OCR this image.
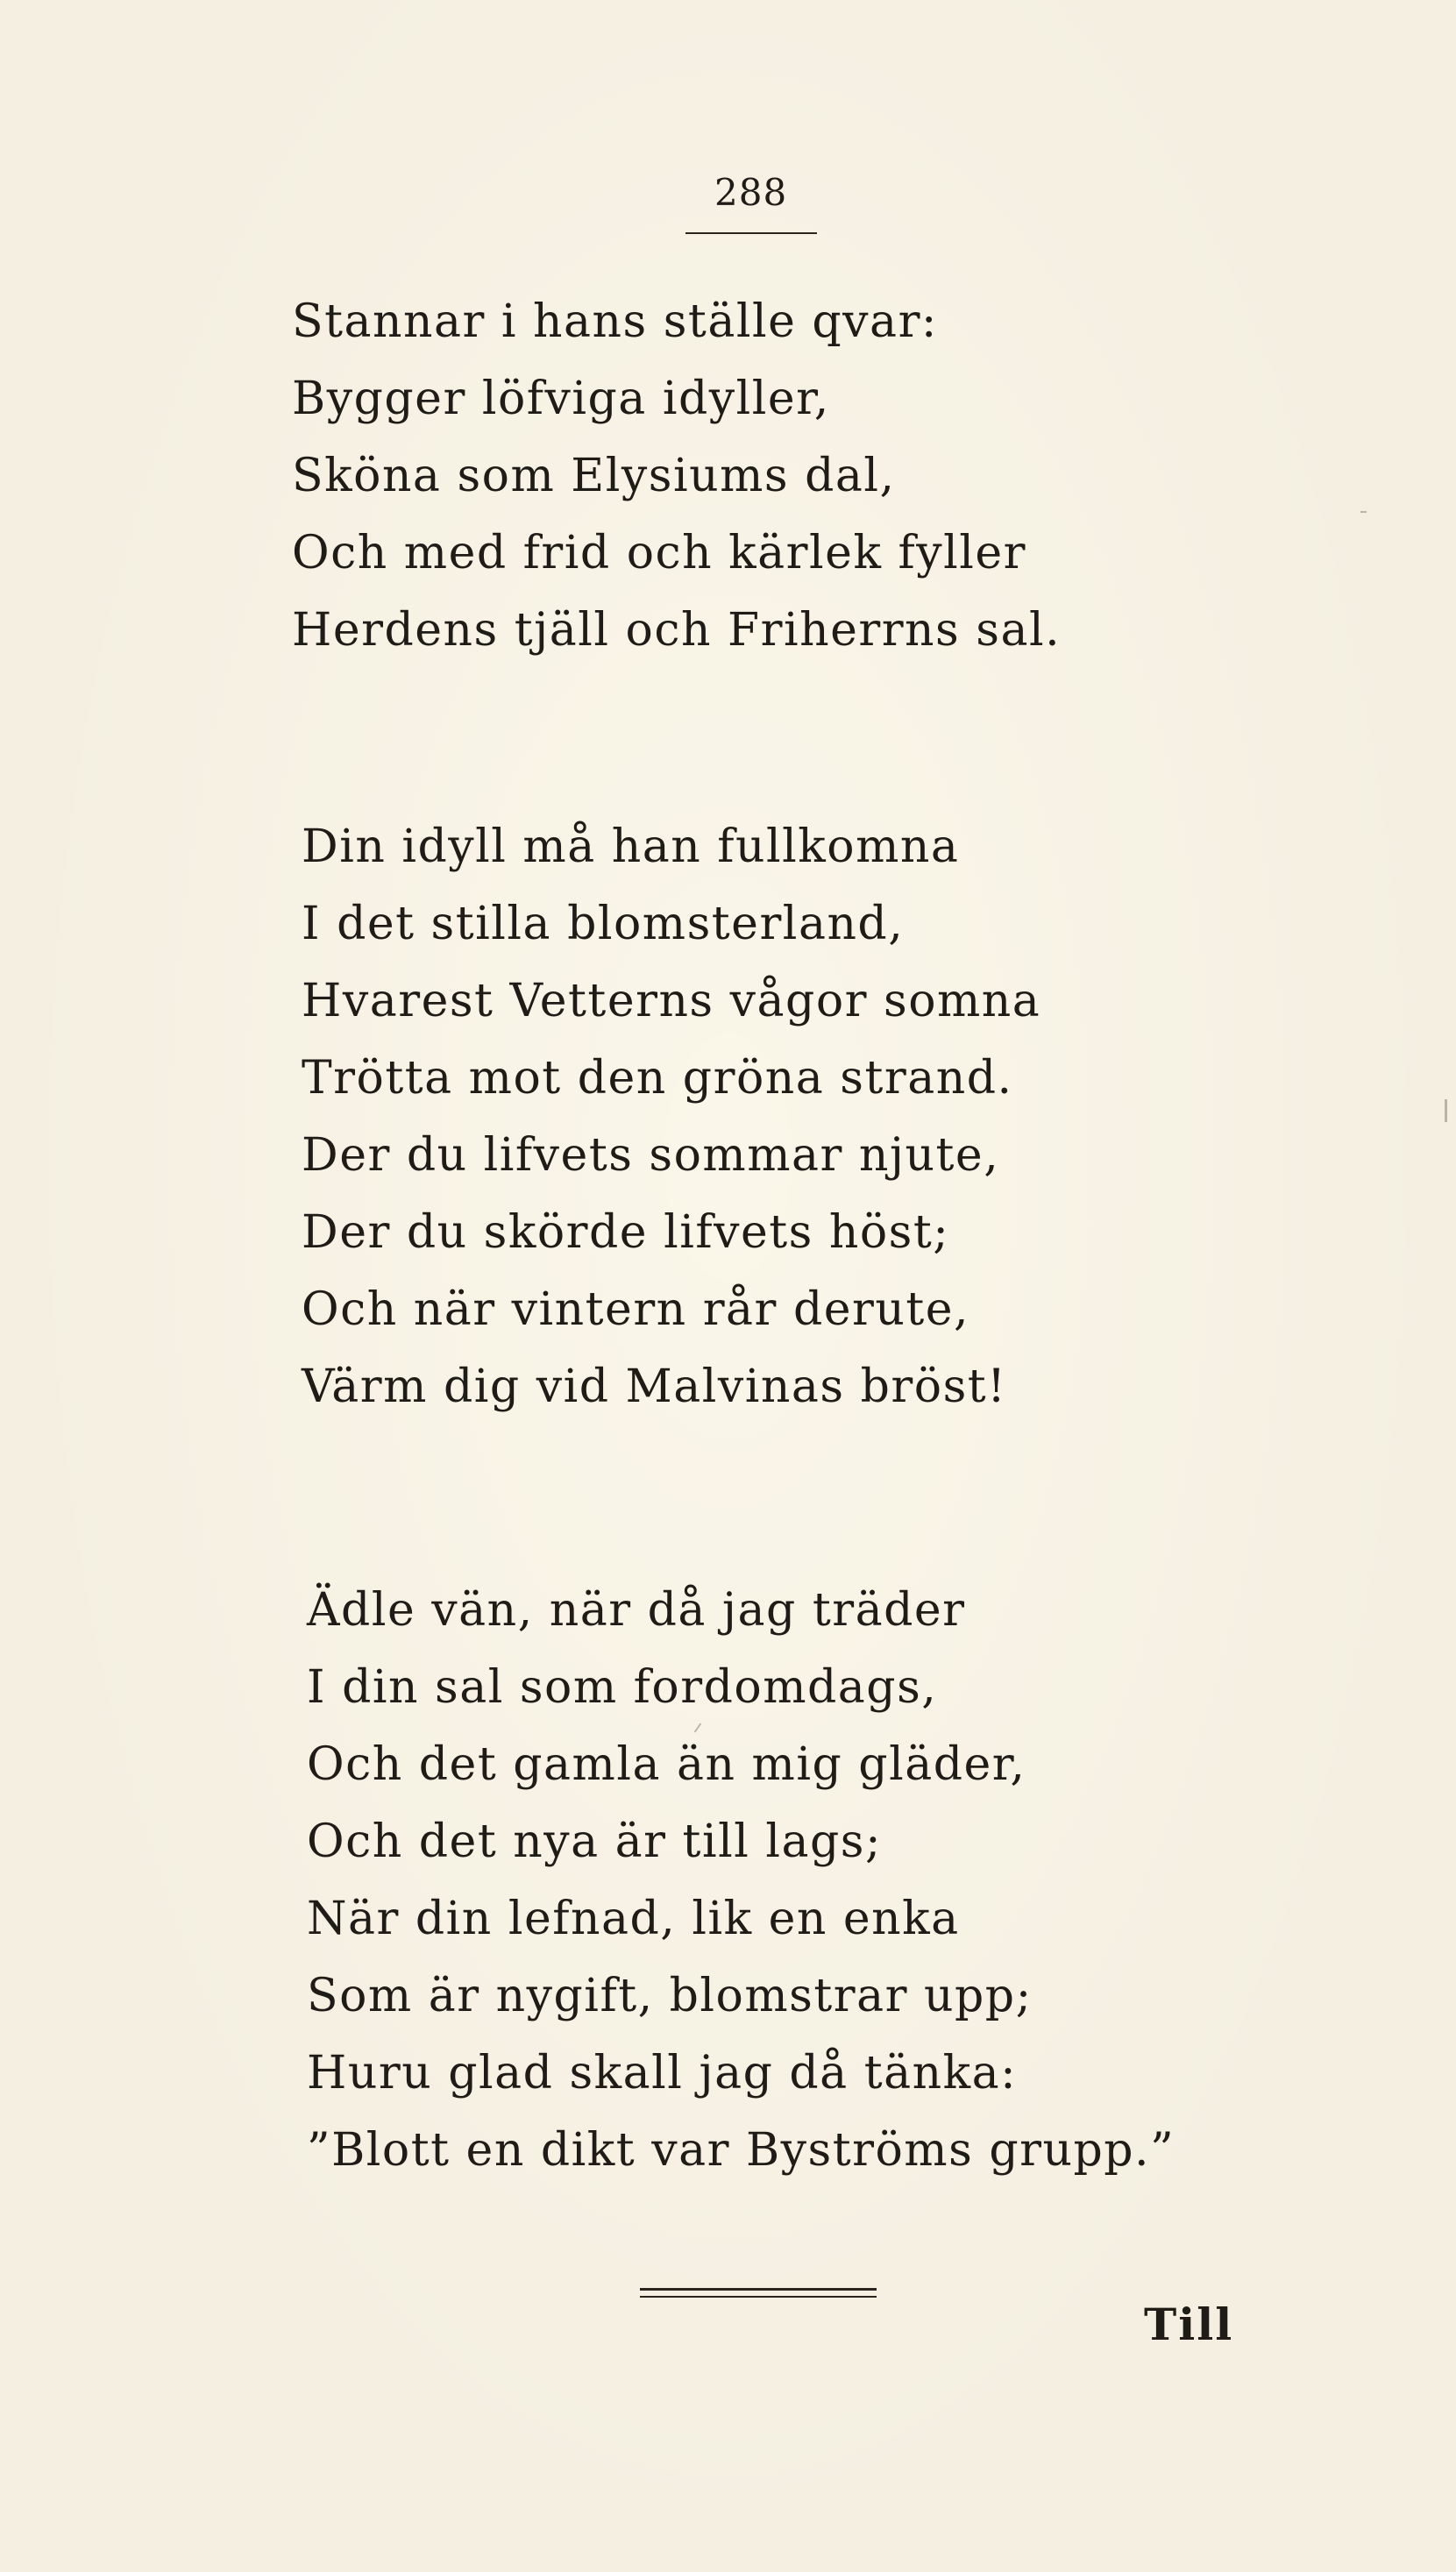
288
Stannar i hans ställe qvar:
Bygger löfviga idyller,
Sköna som Elysiums dal,
Och med frid och kärlek fyller
Herdens tjäll och Friherrns sal.
Din idyll må han fullkomna
I det stilla blomsterland,
Hvarest Vetterns vågor somna
Trötta mot den gröna strand.
Der du lifvets sommar njute,
Der du skörde lifvets höst;
Och när vintern rår derute,
Värm dig vid Malvinas bröst!
Ädle vän, när då jag träder
I din sal som fordomdags,
Och det gamla än mig gläder,
Och det nya är till lags;
När din lefnad, lik en enka
Som är nygift, blomstrar upp;
Huru glad skall jag då tänka:
”Blott en dikt var Byströms grupp.”
Till
